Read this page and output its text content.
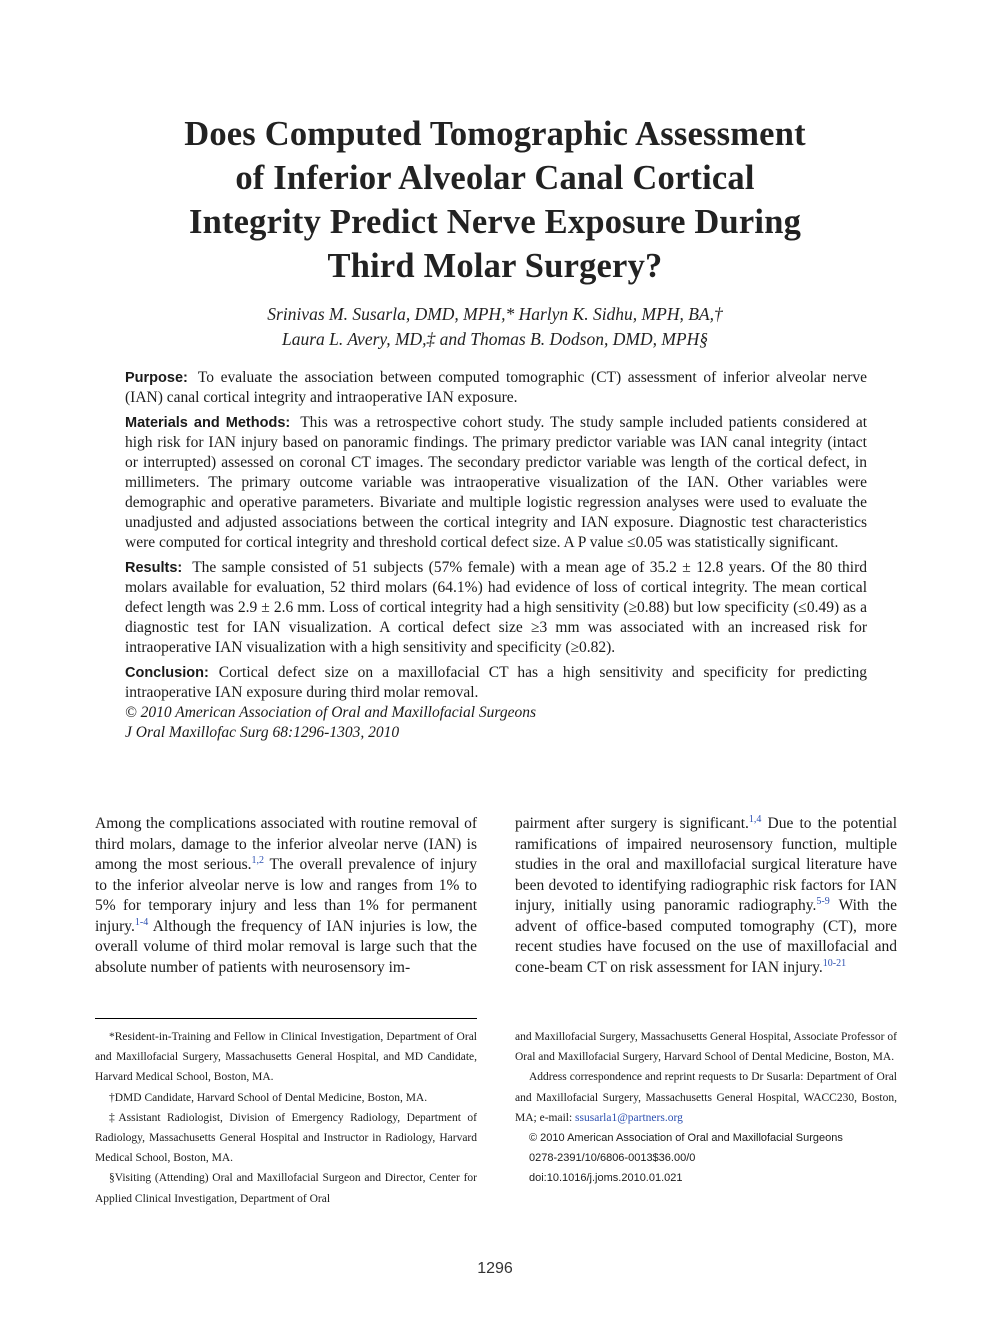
Does Computed Tomographic Assessment
of Inferior Alveolar Canal Cortical
Integrity Predict Nerve Exposure During
Third Molar Surgery?
Srinivas M. Susarla, DMD, MPH,* Harlyn K. Sidhu, MPH, BA,†
Laura L. Avery, MD,‡ and Thomas B. Dodson, DMD, MPH§

Purpose: To evaluate the association between computed tomographic (CT) assessment of inferior alveolar nerve (IAN) canal cortical integrity and intraoperative IAN exposure.

Materials and Methods: This was a retrospective cohort study. The study sample included patients considered at high risk for IAN injury based on panoramic findings. The primary predictor variable was IAN canal integrity (intact or interrupted) assessed on coronal CT images. The secondary predictor variable was length of the cortical defect, in millimeters. The primary outcome variable was intraoperative visualization of the IAN. Other variables were demographic and operative parameters. Bivariate and multiple logistic regression analyses were used to evaluate the unadjusted and adjusted associations between the cortical integrity and IAN exposure. Diagnostic test characteristics were computed for cortical integrity and threshold cortical defect size. A P value ≤0.05 was statistically significant.

Results: The sample consisted of 51 subjects (57% female) with a mean age of 35.2 ± 12.8 years. Of the 80 third molars available for evaluation, 52 third molars (64.1%) had evidence of loss of cortical integrity. The mean cortical defect length was 2.9 ± 2.6 mm. Loss of cortical integrity had a high sensitivity (≥0.88) but low specificity (≤0.49) as a diagnostic test for IAN visualization. A cortical defect size ≥3 mm was associated with an increased risk for intraoperative IAN visualization with a high sensitivity and specificity (≥0.82).

Conclusion: Cortical defect size on a maxillofacial CT has a high sensitivity and specificity for predicting intraoperative IAN exposure during third molar removal.

© 2010 American Association of Oral and Maxillofacial Surgeons

J Oral Maxillofac Surg 68:1296-1303, 2010

Among the complications associated with routine removal of third molars, damage to the inferior alveolar nerve (IAN) is among the most serious.$^{1,2}$ The overall prevalence of injury to the inferior alveolar nerve is low and ranges from 1% to 5% for temporary injury and less than 1% for permanent injury.$^{1-4}$ Although the frequency of IAN injuries is low, the overall volume of third molar removal is large such that the absolute number of patients with neurosensory im-

pairment after surgery is significant.$^{1,4}$ Due to the potential ramifications of impaired neurosensory function, multiple studies in the oral and maxillofacial surgical literature have been devoted to identifying radiographic risk factors for IAN injury, initially using panoramic radiography.$^{5-9}$ With the advent of office-based computed tomography (CT), more recent studies have focused on the use of maxillofacial and cone-beam CT on risk assessment for IAN injury.$^{10-21}$

*Resident-in-Training and Fellow in Clinical Investigation, Department of Oral and Maxillofacial Surgery, Massachusetts General Hospital, and MD Candidate, Harvard Medical School, Boston, MA.

†DMD Candidate, Harvard School of Dental Medicine, Boston, MA.

‡Assistant Radiologist, Division of Emergency Radiology, Department of Radiology, Massachusetts General Hospital and Instructor in Radiology, Harvard Medical School, Boston, MA.

§Visiting (Attending) Oral and Maxillofacial Surgeon and Director, Center for Applied Clinical Investigation, Department of Oral

and Maxillofacial Surgery, Massachusetts General Hospital, Associate Professor of Oral and Maxillofacial Surgery, Harvard School of Dental Medicine, Boston, MA.

Address correspondence and reprint requests to Dr Susarla: Department of Oral and Maxillofacial Surgery, Massachusetts General Hospital, WACC230, Boston, MA; e-mail: ssusarla1@partners.org

© 2010 American Association of Oral and Maxillofacial Surgeons

0278-2391/10/6806-0013$36.00/0

doi:10.1016/j.joms.2010.01.021

1296
